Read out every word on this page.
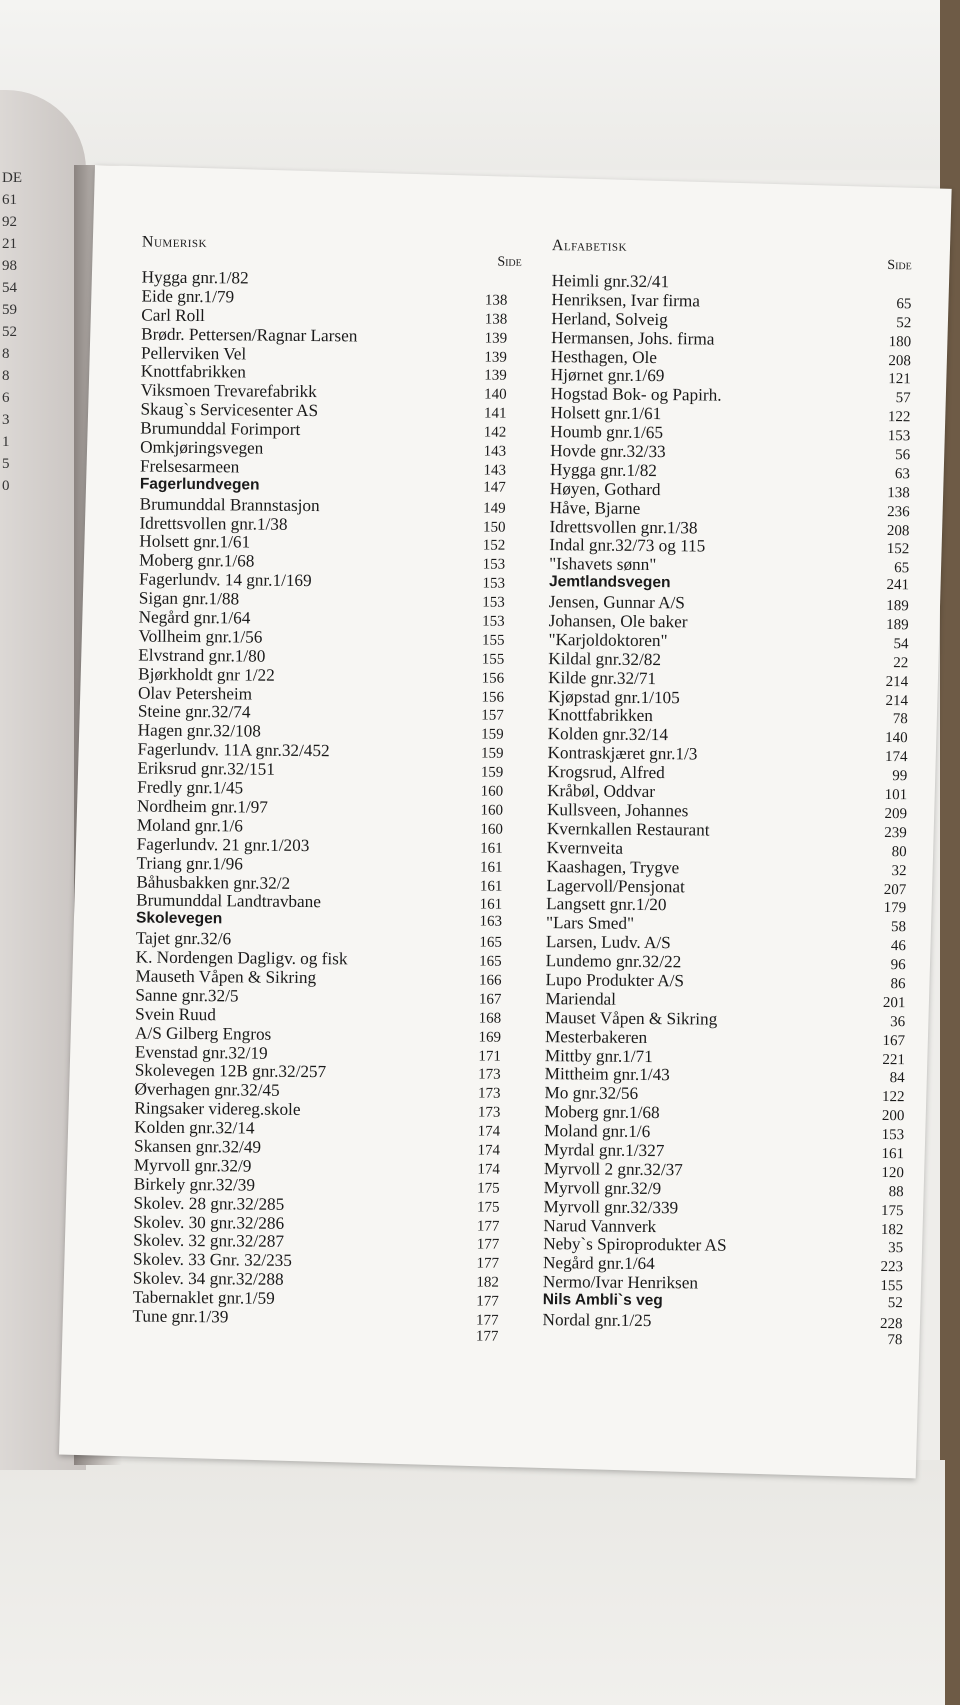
DE
61
92
21
98
54
59
52
8
8
6
3
1
5
0
Numerisk
Side
Hygga gnr.1/82
Eide gnr.1/79	138
Carl Roll	138
Brødr. Pettersen/Ragnar Larsen	139
Pellerviken Vel	139
Knottfabrikken	139
Viksmoen Trevarefabrikk	140
Skaug`s Servicesenter AS	141
Brumunddal Forimport	142
Omkjøringsvegen	143
Frelsesarmeen	143
Fagerlundvegen	147
Brumunddal Brannstasjon	149
Idrettsvollen gnr.1/38	150
Holsett gnr.1/61	152
Moberg gnr.1/68	153
Fagerlundv. 14 gnr.1/169	153
Sigan gnr.1/88	153
Negård gnr.1/64	153
Vollheim gnr.1/56	155
Elvstrand gnr.1/80	155
Bjørkholdt gnr 1/22	156
Olav Petersheim	156
Steine gnr.32/74	157
Hagen gnr.32/108	159
Fagerlundv. 11A gnr.32/452	159
Eriksrud gnr.32/151	159
Fredly gnr.1/45	160
Nordheim gnr.1/97	160
Moland gnr.1/6	160
Fagerlundv. 21 gnr.1/203	161
Triang gnr.1/96	161
Båhusbakken gnr.32/2	161
Brumunddal Landtravbane	161
Skolevegen	163
Tajet gnr.32/6	165
K. Nordengen Dagligv. og fisk	165
Mauseth Våpen & Sikring	166
Sanne gnr.32/5	167
Svein Ruud	168
A/S Gilberg Engros	169
Evenstad gnr.32/19	171
Skolevegen 12B gnr.32/257	173
Øverhagen gnr.32/45	173
Ringsaker videreg.skole	173
Kolden gnr.32/14	174
Skansen gnr.32/49	174
Myrvoll gnr.32/9	174
Birkely gnr.32/39	175
Skolev. 28 gnr.32/285	175
Skolev. 30 gnr.32/286	177
Skolev. 32 gnr.32/287	177
Skolev. 33 Gnr. 32/235	177
Skolev. 34 gnr.32/288	182
Tabernaklet gnr.1/59	177
Tune gnr.1/39	177
177
Alfabetisk
Side
Heimli gnr.32/41
Henriksen, Ivar firma	65
Herland, Solveig	52
Hermansen, Johs. firma	180
Hesthagen, Ole	208
Hjørnet gnr.1/69	121
Hogstad Bok- og Papirh.	57
Holsett gnr.1/61	122
Houmb gnr.1/65	153
Hovde gnr.32/33	56
Hygga gnr.1/82	63
Høyen, Gothard	138
Håve, Bjarne	236
Idrettsvollen gnr.1/38	208
Indal gnr.32/73 og 115	152
"Ishavets sønn"	65
Jemtlandsvegen	241
Jensen, Gunnar A/S	189
Johansen, Ole baker	189
"Karjoldoktoren"	54
Kildal gnr.32/82	22
Kilde gnr.32/71	214
Kjøpstad gnr.1/105	214
Knottfabrikken	78
Kolden gnr.32/14	140
Kontraskjæret gnr.1/3	174
Krogsrud, Alfred	99
Kråbøl, Oddvar	101
Kullsveen, Johannes	209
Kvernkallen Restaurant	239
Kvernveita	80
Kaashagen, Trygve	32
Lagervoll/Pensjonat	207
Langsett gnr.1/20	179
"Lars Smed"	58
Larsen, Ludv. A/S	46
Lundemo gnr.32/22	96
Lupo Produkter A/S	86
Mariendal	201
Mauset Våpen & Sikring	36
Mesterbakeren	167
Mittby gnr.1/71	221
Mittheim gnr.1/43	84
Mo gnr.32/56	122
Moberg gnr.1/68	200
Moland gnr.1/6	153
Myrdal gnr.1/327	161
Myrvoll 2 gnr.32/37	120
Myrvoll gnr.32/9	88
Myrvoll gnr.32/339	175
Narud Vannverk	182
Neby`s Spiroprodukter AS	35
Negård gnr.1/64	223
Nermo/Ivar Henriksen	155
Nils Ambli`s veg	52
Nordal gnr.1/25	228
78
